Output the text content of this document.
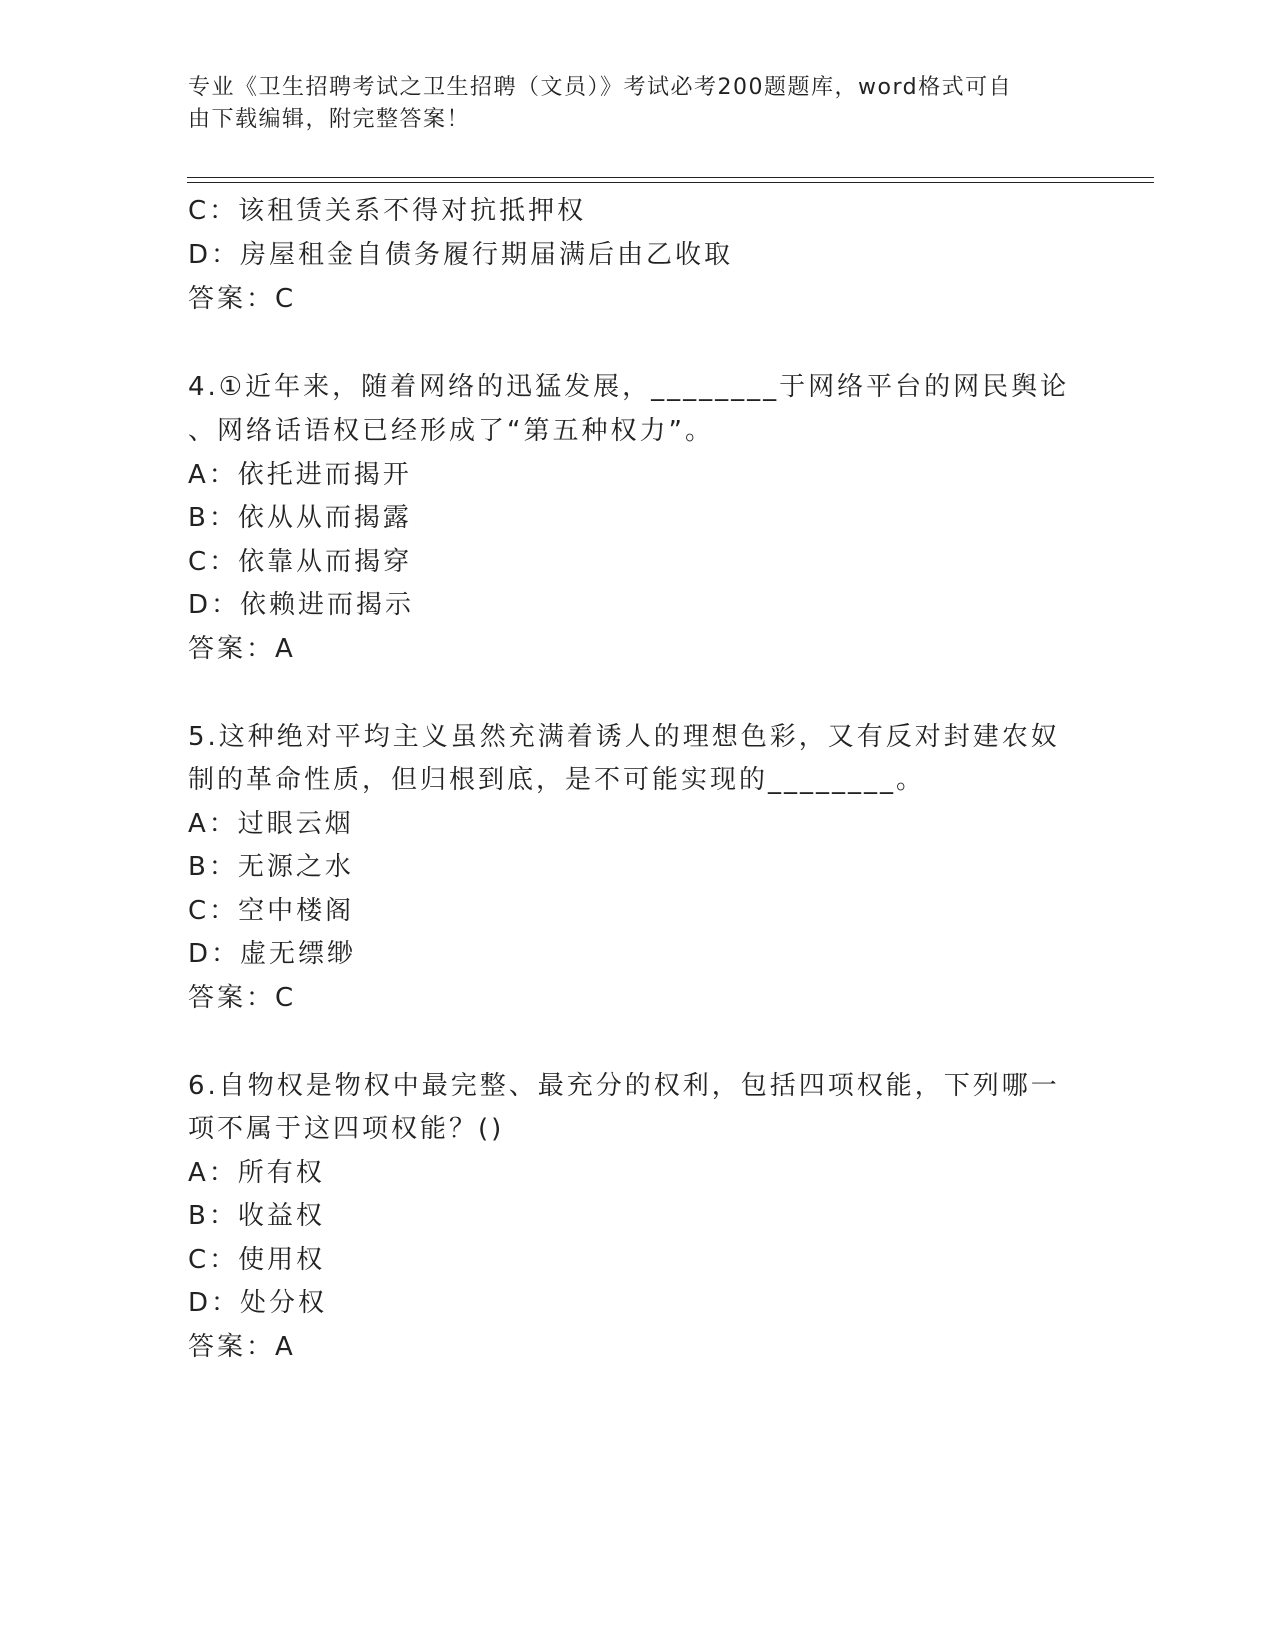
专业《卫生招聘考试之卫生招聘（文员）》考试必考200题题库，word格式可自
由下载编辑，附完整答案！
C：该租赁关系不得对抗抵押权
D：房屋租金自债务履行期届满后由乙收取
答案：C
4.①近年来，随着网络的迅猛发展，________于网络平台的网民舆论
、网络话语权已经形成了“第五种权力”。
A：依托进而揭开
B：依从从而揭露
C：依靠从而揭穿
D：依赖进而揭示
答案：A
5.这种绝对平均主义虽然充满着诱人的理想色彩，又有反对封建农奴
制的革命性质，但归根到底，是不可能实现的________。
A：过眼云烟
B：无源之水
C：空中楼阁
D：虚无缥缈
答案：C
6.自物权是物权中最完整、最充分的权利，包括四项权能，下列哪一
项不属于这四项权能？()
A：所有权
B：收益权
C：使用权
D：处分权
答案：A
